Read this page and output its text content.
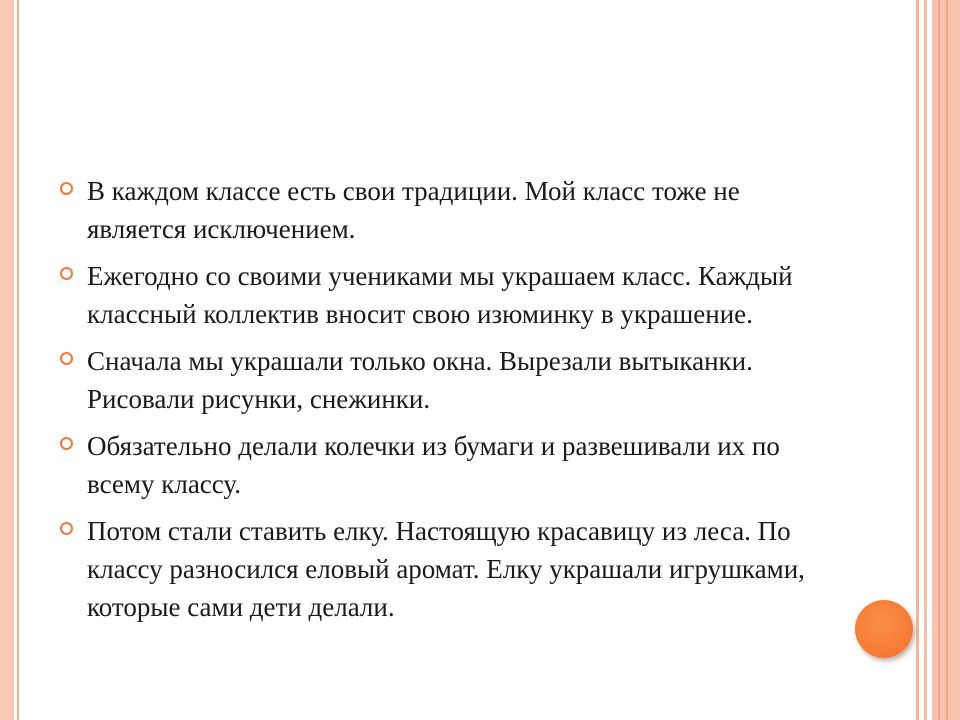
В каждом классе есть свои традиции. Мой класс тоже не является исключением.
Ежегодно со своими учениками мы украшаем класс. Каждый классный коллектив вносит свою изюминку в украшение.
Сначала мы украшали только окна. Вырезали вытыканки. Рисовали рисунки, снежинки.
Обязательно делали колечки из бумаги и развешивали их по всему классу.
Потом стали ставить елку. Настоящую красавицу из леса. По классу разносился еловый аромат. Елку украшали игрушками, которые сами дети делали.
